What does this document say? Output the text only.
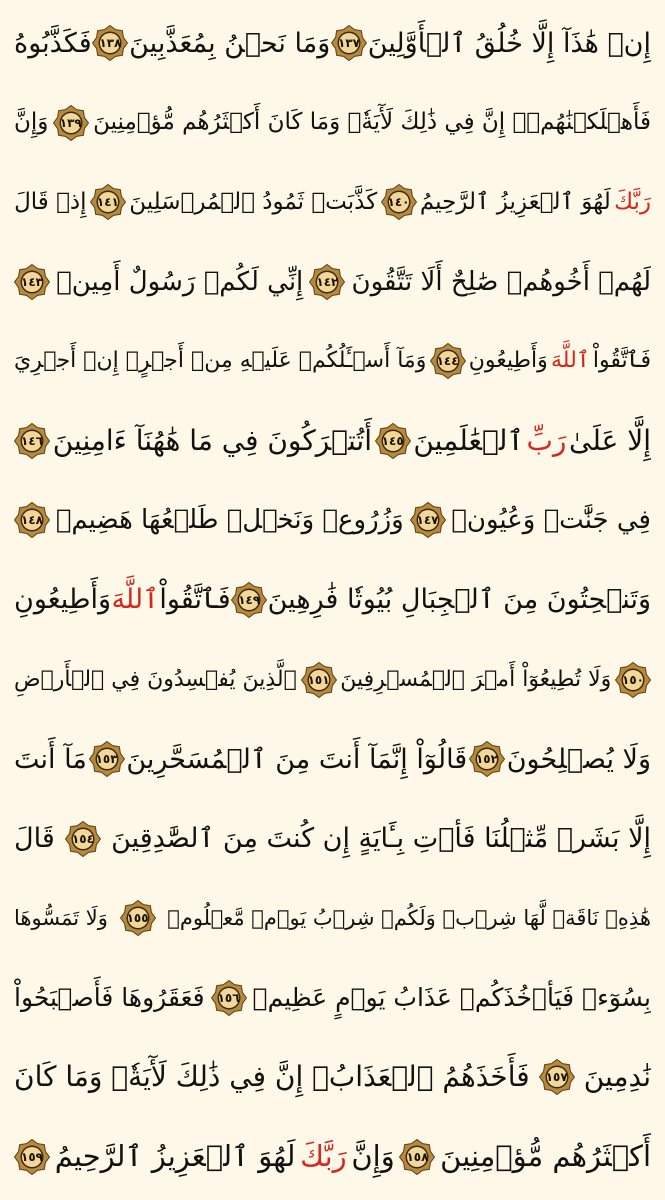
إِنۡ هَٰذَآ إِلَّا خُلُقُ ٱلۡأَوَّلِينَ
١٣٧
وَمَا نَحۡنُ بِمُعَذَّبِينَ
١٣٨
فَكَذَّبُوهُ
فَأَهۡلَكۡنَٰهُمۡۚ إِنَّ فِي ذَٰلِكَ لَأٓيَةٗۖ وَمَا كَانَ أَكۡثَرُهُم مُّؤۡمِنِينَ
١٣٩
وَإِنَّ
رَبَّكَ
لَهُوَ ٱلۡعَزِيزُ ٱلرَّحِيمُ
١٤٠
كَذَّبَتۡ ثَمُودُ ٱلۡمُرۡسَلِينَ
١٤١
إِذۡ قَالَ
لَهُمۡ أَخُوهُمۡ صَٰلِحٌ أَلَا تَتَّقُونَ
١٤٢
إِنِّي لَكُمۡ رَسُولٌ أَمِينٞ
١٤٣
فَٱتَّقُواْ
ٱللَّهَ
وَأَطِيعُونِ
١٤٤
وَمَآ أَسۡـَٔلُكُمۡ عَلَيۡهِ مِنۡ أَجۡرٍۖ إِنۡ أَجۡرِيَ
إِلَّا عَلَىٰ
رَبِّ
ٱلۡعَٰلَمِينَ
١٤٥
أَتُتۡرَكُونَ فِي مَا هَٰهُنَآ ءَامِنِينَ
١٤٦
فِي جَنَّٰتٖ وَعُيُونٖ
١٤٧
وَزُرُوعٖ وَنَخۡلٖ طَلۡعُهَا هَضِيمٞ
١٤٨
وَتَنۡحِتُونَ مِنَ ٱلۡجِبَالِ بُيُوتٗا فَٰرِهِينَ
١٤٩
فَٱتَّقُواْ
ٱللَّهَ
وَأَطِيعُونِ
١٥٠
وَلَا تُطِيعُوٓاْ أَمۡرَ ٱلۡمُسۡرِفِينَ
١٥١
ٱلَّذِينَ يُفۡسِدُونَ فِي ٱلۡأَرۡضِ
وَلَا يُصۡلِحُونَ
١٥٢
قَالُوٓاْ إِنَّمَآ أَنتَ مِنَ ٱلۡمُسَحَّرِينَ
١٥٣
مَآ أَنتَ
إِلَّا بَشَرٞ مِّثۡلُنَا فَأۡتِ بِـَٔايَةٍ إِن كُنتَ مِنَ ٱلصَّٰدِقِينَ
١٥٤
قَالَ
هَٰذِهِۦ نَاقَةٞ لَّهَا شِرۡبٞ وَلَكُمۡ شِرۡبُ يَوۡمٖ مَّعۡلُومٖ
١٥٥
وَلَا تَمَسُّوهَا
بِسُوٓءٖ فَيَأۡخُذَكُمۡ عَذَابُ يَوۡمٍ عَظِيمٖ
١٥٦
فَعَقَرُوهَا فَأَصۡبَحُواْ
نَٰدِمِينَ
١٥٧
فَأَخَذَهُمُ ٱلۡعَذَابُۚ إِنَّ فِي ذَٰلِكَ لَأٓيَةٗۖ وَمَا كَانَ
أَكۡثَرُهُم مُّؤۡمِنِينَ
١٥٨
وَإِنَّ
رَبَّكَ
لَهُوَ ٱلۡعَزِيزُ ٱلرَّحِيمُ
١٥٩
